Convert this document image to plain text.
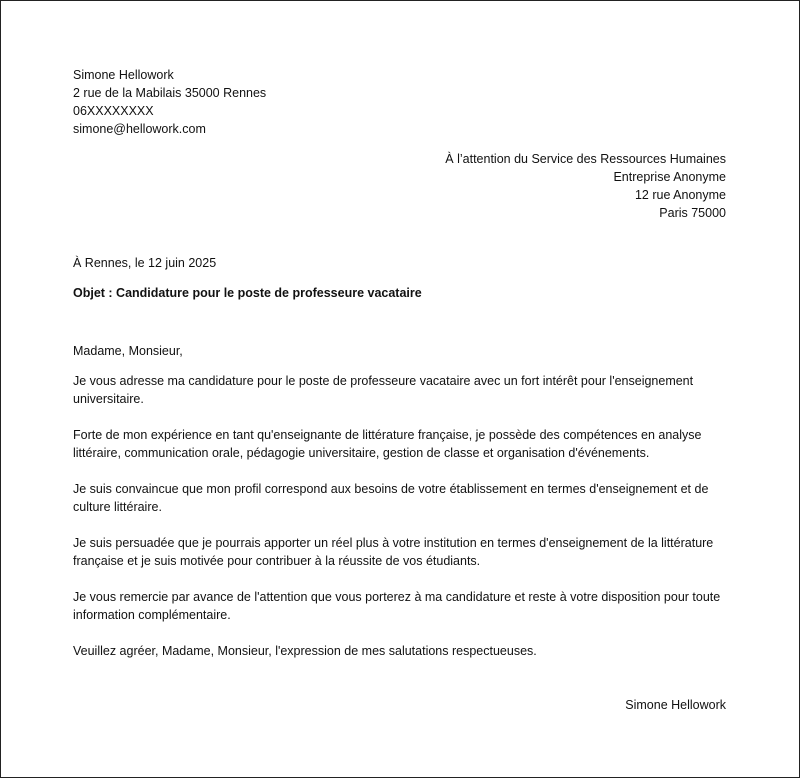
Simone Hellowork
2 rue de la Mabilais 35000 Rennes
06XXXXXXXX
simone@hellowork.com
À l’attention du Service des Ressources Humaines
Entreprise Anonyme
12 rue Anonyme
Paris 75000
À Rennes, le 12 juin 2025
Objet : Candidature pour le poste de professeure vacataire
Madame, Monsieur,
Je vous adresse ma candidature pour le poste de professeure vacataire avec un fort intérêt pour l'enseignement universitaire.
Forte de mon expérience en tant qu'enseignante de littérature française, je possède des compétences en analyse littéraire, communication orale, pédagogie universitaire, gestion de classe et organisation d'événements.
Je suis convaincue que mon profil correspond aux besoins de votre établissement en termes d'enseignement et de culture littéraire.
Je suis persuadée que je pourrais apporter un réel plus à votre institution en termes d'enseignement de la littérature française et je suis motivée pour contribuer à la réussite de vos étudiants.
Je vous remercie par avance de l'attention que vous porterez à ma candidature et reste à votre disposition pour toute information complémentaire.
Veuillez agréer, Madame, Monsieur, l'expression de mes salutations respectueuses.
Simone Hellowork
